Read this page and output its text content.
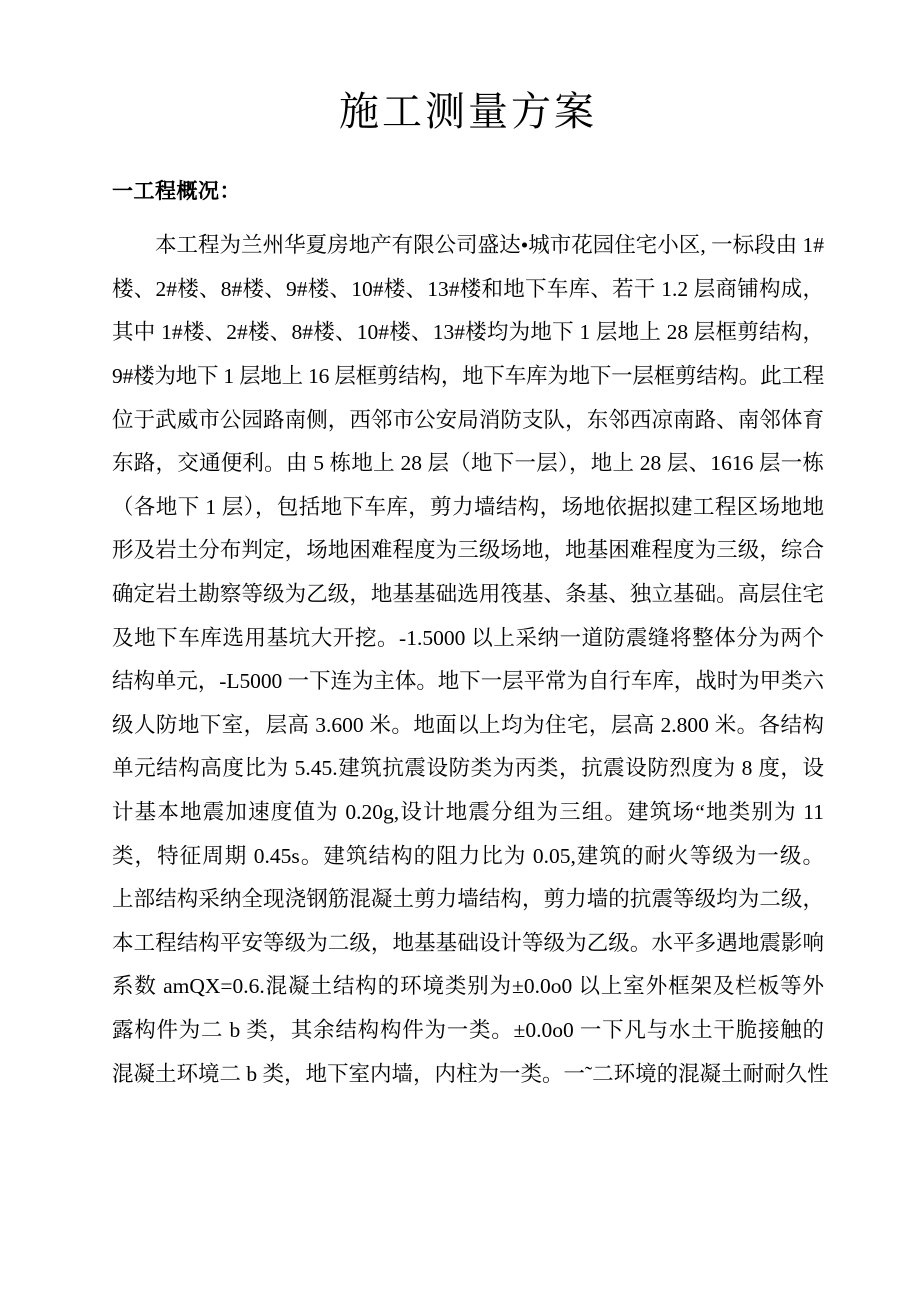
施工测量方案
一工程概况：
　　本工程为兰州华夏房地产有限公司盛达•城市花园住宅小区, 一标段由 1#
楼、2#楼、8#楼、9#楼、10#楼、13#楼和地下车库、若干 1.2 层商铺构成，
其中 1#楼、2#楼、8#楼、10#楼、13#楼均为地下 1 层地上 28 层框剪结构，
9#楼为地下 1 层地上 16 层框剪结构，地下车库为地下一层框剪结构。此工程
位于武威市公园路南侧，西邻市公安局消防支队，东邻西凉南路、南邻体育
东路，交通便利。由 5 栋地上 28 层（地下一层），地上 28 层、1616 层一栋
（各地下 1 层），包括地下车库，剪力墙结构，场地依据拟建工程区场地地
形及岩土分布判定，场地困难程度为三级场地，地基困难程度为三级，综合
确定岩土勘察等级为乙级，地基基础选用筏基、条基、独立基础。高层住宅
及地下车库选用基坑大开挖。-1.5000 以上采纳一道防震缝将整体分为两个
结构单元，-L5000 一下连为主体。地下一层平常为自行车库，战时为甲类六
级人防地下室，层高 3.600 米。地面以上均为住宅，层高 2.800 米。各结构
单元结构高度比为 5.45.建筑抗震设防类为丙类，抗震设防烈度为 8 度，设
计基本地震加速度值为 0.20g,设计地震分组为三组。建筑场“地类别为 11
类，特征周期 0.45s。建筑结构的阻力比为 0.05,建筑的耐火等级为一级。
上部结构采纳全现浇钢筋混凝土剪力墙结构，剪力墙的抗震等级均为二级，
本工程结构平安等级为二级，地基基础设计等级为乙级。水平多遇地震影响
系数 amQX=0.6.混凝土结构的环境类别为±0.0o0 以上室外框架及栏板等外
露构件为二 b 类，其余结构构件为一类。±0.0o0 一下凡与水土干脆接触的
混凝土环境二 b 类，地下室内墙，内柱为一类。一˜二环境的混凝土耐耐久性
